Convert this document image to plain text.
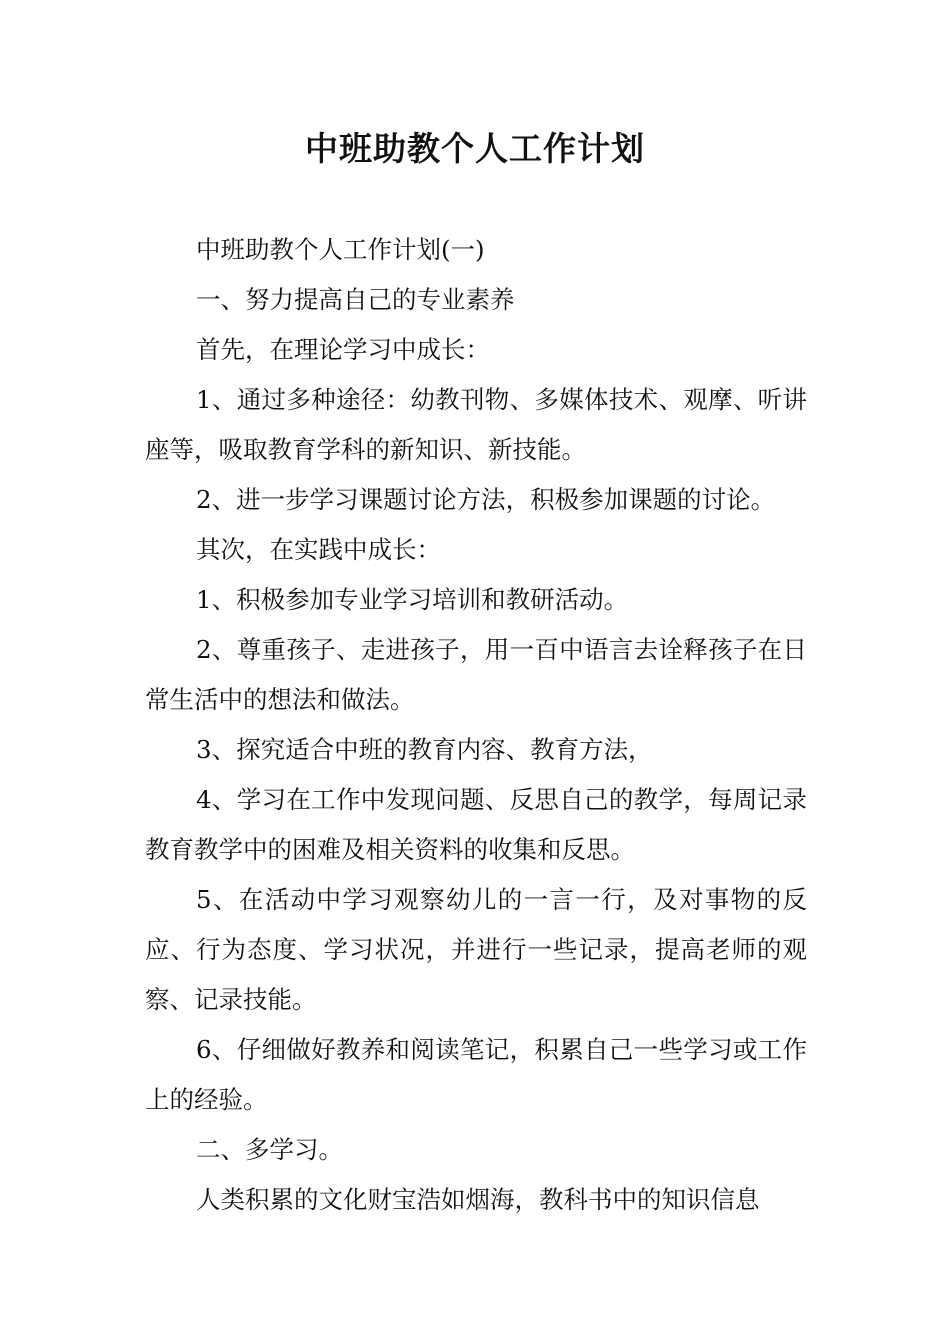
中班助教个人工作计划

中班助教个人工作计划(一)

一、努力提高自己的专业素养

首先，在理论学习中成长：

1、通过多种途径：幼教刊物、多媒体技术、观摩、听讲座等，吸取教育学科的新知识、新技能。

2、进一步学习课题讨论方法，积极参加课题的讨论。

其次，在实践中成长：

1、积极参加专业学习培训和教研活动。

2、尊重孩子、走进孩子，用一百中语言去诠释孩子在日常生活中的想法和做法。

3、探究适合中班的教育内容、教育方法，

4、学习在工作中发现问题、反思自己的教学，每周记录教育教学中的困难及相关资料的收集和反思。

5、在活动中学习观察幼儿的一言一行，及对事物的反应、行为态度、学习状况，并进行一些记录，提高老师的观察、记录技能。

6、仔细做好教养和阅读笔记，积累自己一些学习或工作上的经验。

二、多学习。

人类积累的文化财宝浩如烟海，教科书中的知识信息
